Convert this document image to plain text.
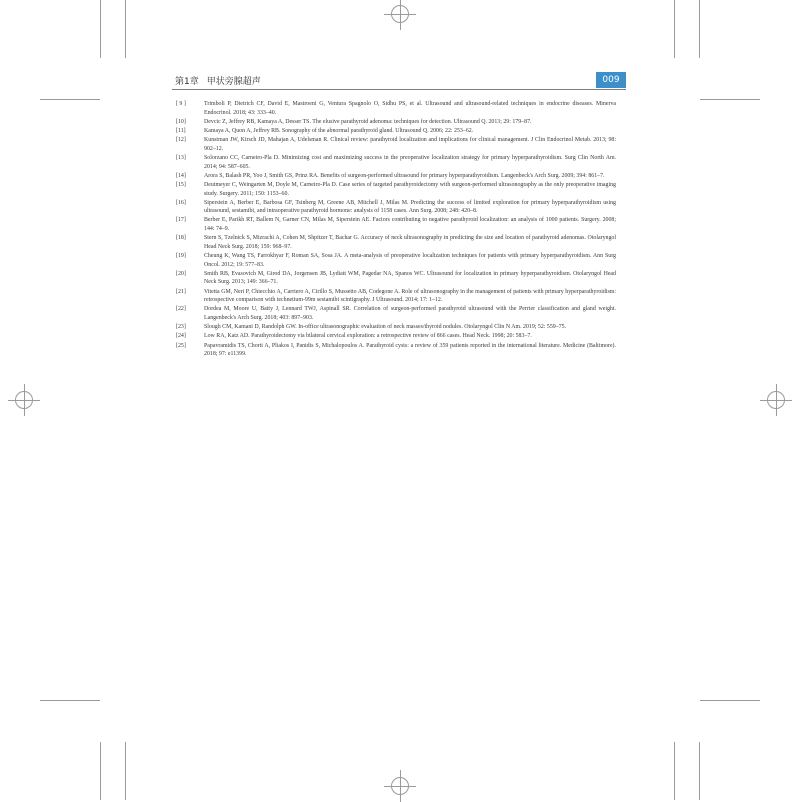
第1章 甲状旁腺超声	009
[ 9 ]	Trimboli P, Dietrich CF, David E, Mastroeni G, Ventura Spagnolo O, Sidhu PS, et al. Ultrasound and ultrasound-related techniques in endocrine diseases. Minerva Endocrinol. 2018; 43: 333–40.
[10]	Devcic Z, Jeffrey RB, Kamaya A, Desser TS. The elusive parathyroid adenoma: techniques for detection. Ultrasound Q. 2013; 29: 179–87.
[11]	Kamaya A, Quon A, Jeffrey RB. Sonography of the abnormal parathyroid gland. Ultrasound Q. 2006; 22: 253–62.
[12]	Kunstman JW, Kirsch JD, Mahajan A, Udelsman R. Clinical review: parathyroid localization and implications for clinical management. J Clin Endocrinol Metab. 2013; 98: 902–12.
[13]	Solorzano CC, Carneiro-Pla D. Minimizing cost and maximizing success in the preoperative localization strategy for primary hyperparathyroidism. Surg Clin North Am. 2014; 94: 587–605.
[14]	Arora S, Balash PR, Yoo J, Smith GS, Prinz RA. Benefits of surgeon-performed ultrasound for primary hyperparathyroidism. Langenbeck's Arch Surg. 2009; 394: 861–7.
[15]	Deutmeyer C, Weingarten M, Doyle M, Carneiro-Pla D. Case series of targeted parathyroidectomy with surgeon-performed ultrasonography as the only preoperative imaging study. Surgery. 2011; 150: 1153–60.
[16]	Siperstein A, Berber E, Barbosa GF, Tsinberg M, Greene AB, Mitchell J, Milas M. Predicting the success of limited exploration for primary hyperparathyroidism using ultrasound, sestamibi, and intraoperative parathyroid hormone: analysis of 1158 cases. Ann Surg. 2008; 248: 420–8.
[17]	Berber E, Parikh RT, Ballem N, Garner CN, Milas M, Siperstein AE. Factors contributing to negative parathyroid localization: an analysis of 1000 patients. Surgery. 2008; 144: 74–9.
[18]	Stern S, Tzelnick S, Mizrachi A, Cohen M, Shpitzer T, Bachar G. Accuracy of neck ultrasonography in predicting the size and location of parathyroid adenomas. Otolaryngol Head Neck Surg. 2018; 159: 968–97.
[19]	Cheung K, Wang TS, Farrokhyar F, Roman SA, Sosa JA. A meta-analysis of preoperative localization techniques for patients with primary hyperparathyroidism. Ann Surg Oncol. 2012; 19: 577–83.
[20]	Smith RB, Evasovich M, Girod DA, Jorgensen JB, Lydiatt WM, Pagedar NA, Spanos WC. Ultrasound for localization in primary hyperparathyroidism. Otolaryngol Head Neck Surg. 2013; 149: 366–71.
[21]	Vitetta GM, Neri P, Chiecchio A, Carriero A, Cirillo S, Mussetto AB, Codegone A. Role of ultrasonography in the management of patients with primary hyperparathyroidism: retrospective comparison with technetium-99m sestamibi scintigraphy. J Ultrasound. 2014; 17: 1–12.
[22]	Dordea M, Moore U, Batty J, Lennard TWJ, Aspinall SR. Correlation of surgeon-performed parathyroid ultrasound with the Perrier classification and gland weight. Langenbeck's Arch Surg. 2018; 403: 897–903.
[23]	Slough CM, Kamani D, Randolph GW. In-office ultrasonographic evaluation of neck masses/thyroid nodules. Otolaryngol Clin N Am. 2019; 52: 559–75.
[24]	Low RA, Katz AD. Parathyroidectomy via bilateral cervical exploration: a retrospective review of 866 cases. Head Neck. 1998; 20: 583–7.
[25]	Papavramidis TS, Chorti A, Pliakos I, Panidis S, Michalopoulos A. Parathyroid cysts: a review of 359 patients reported in the international literature. Medicine (Baltimore). 2018; 97: e11399.
